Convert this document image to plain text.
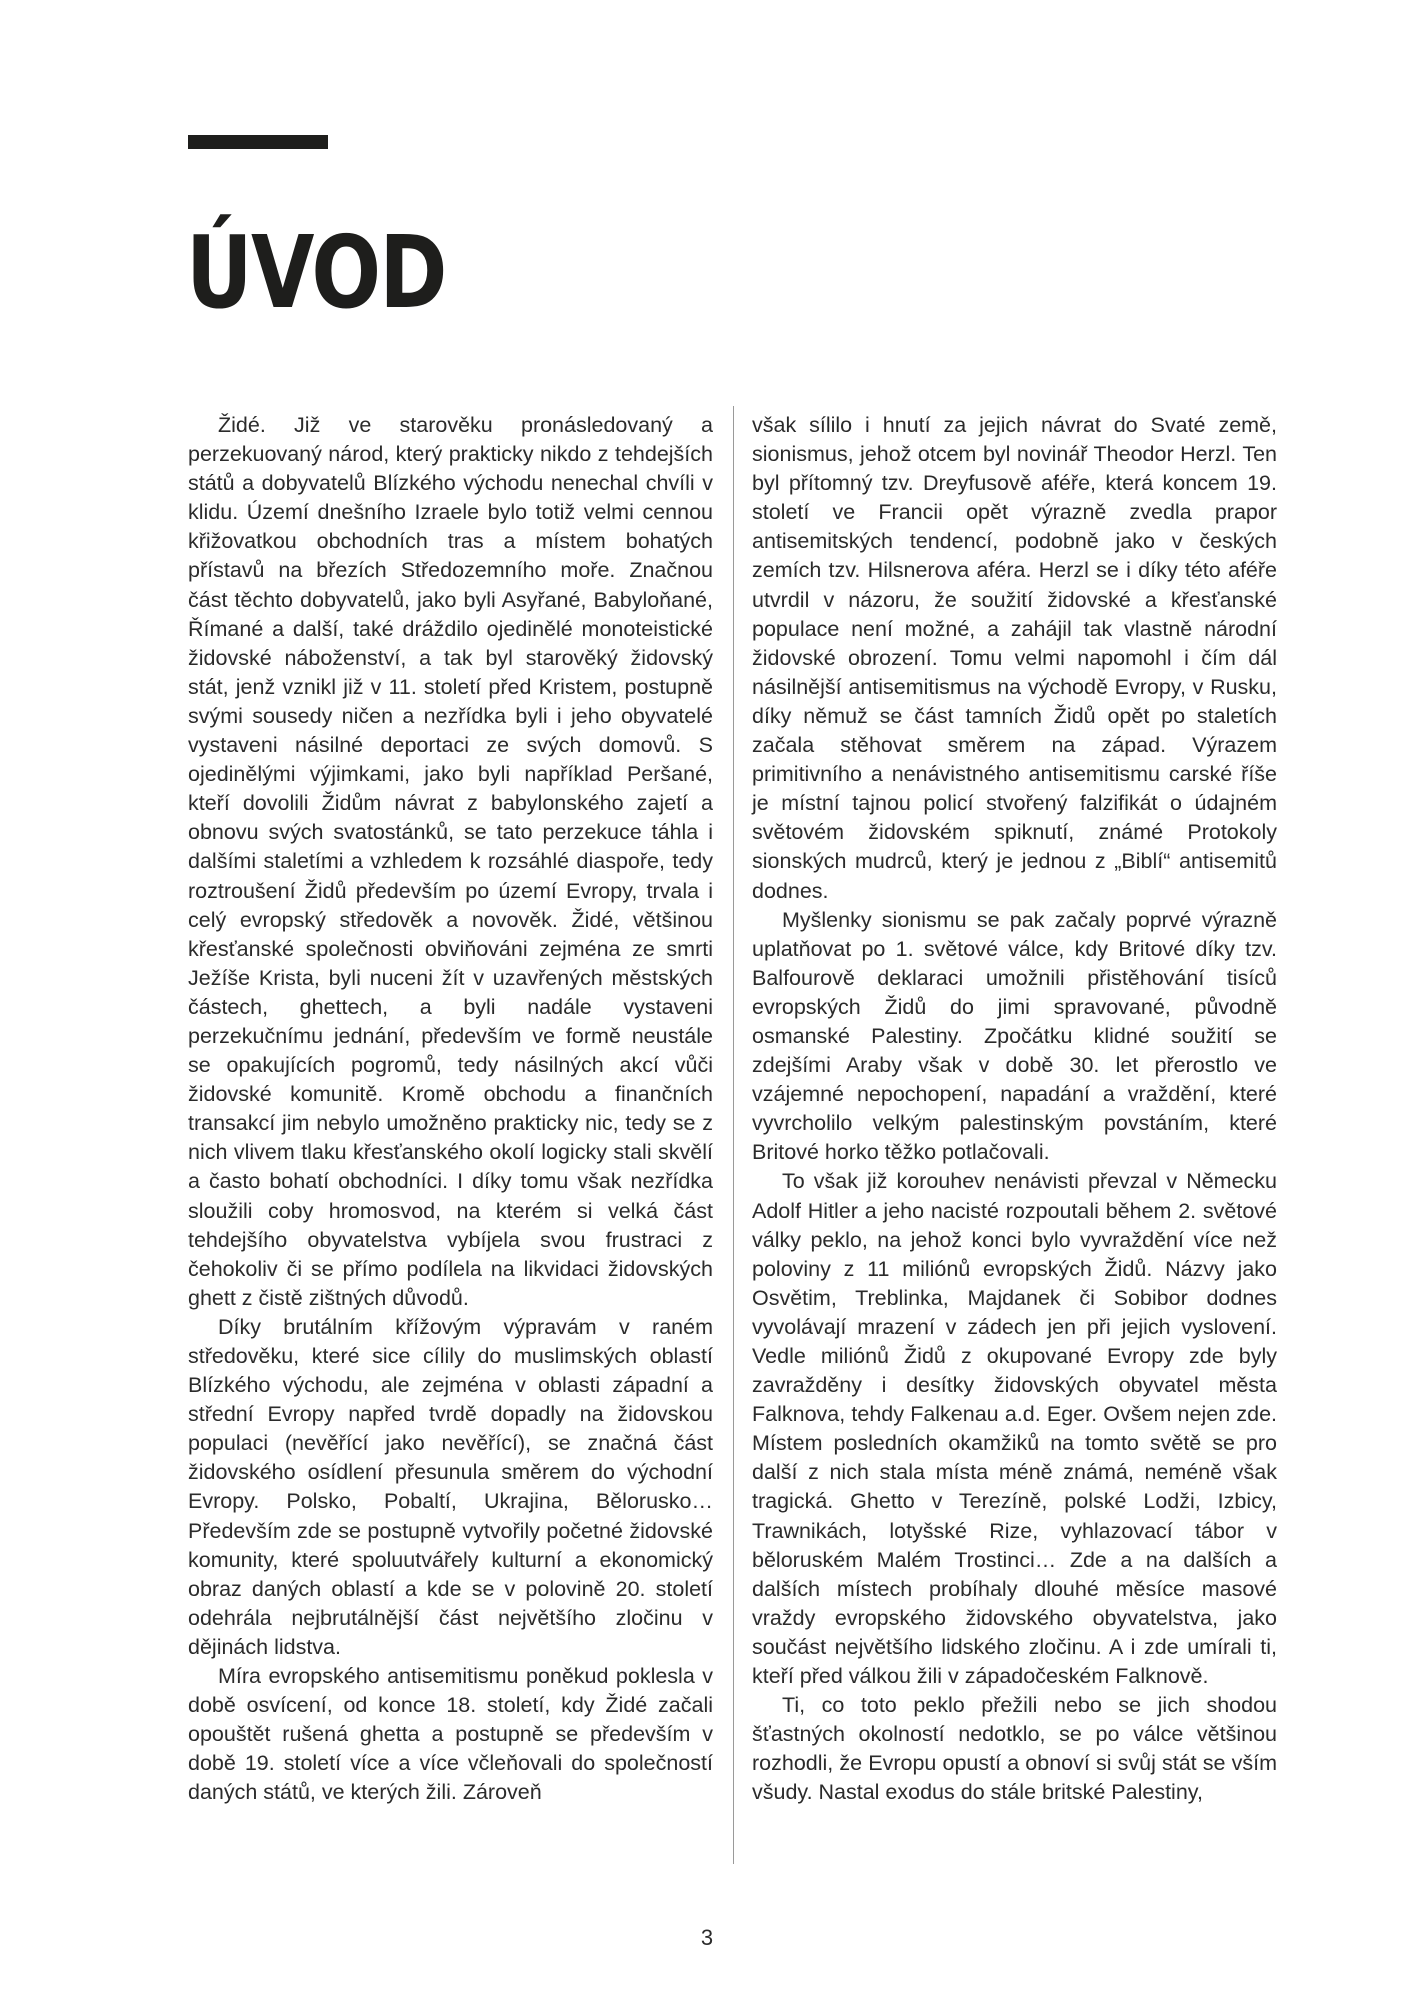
ÚVOD

Židé. Již ve starověku pronásledovaný a perzekuovaný národ, který prakticky nikdo z tehdejších států a dobyvatelů Blízkého východu nenechal chvíli v klidu. Území dnešního Izraele bylo totiž velmi cennou křižovatkou obchodních tras a místem bohatých přístavů na březích Středozemního moře. Značnou část těchto dobyvatelů, jako byli Asyřané, Babyloňané, Římané a další, také dráždilo ojedinělé monoteistické židovské náboženství, a tak byl starověký židovský stát, jenž vznikl již v 11. století před Kristem, postupně svými sousedy ničen a nezřídka byli i jeho obyvatelé vystaveni násilné deportaci ze svých domovů. S ojedinělými výjimkami, jako byli například Peršané, kteří dovolili Židům návrat z babylonského zajetí a obnovu svých svatostánků, se tato perzekuce táhla i dalšími staletími a vzhledem k rozsáhlé diaspoře, tedy roztroušení Židů především po území Evropy, trvala i celý evropský středověk a novověk. Židé, většinou křesťanské společnosti obviňováni zejména ze smrti Ježíše Krista, byli nuceni žít v uzavřených městských částech, ghettech, a byli nadále vystaveni perzekučnímu jednání, především ve formě neustále se opakujících pogromů, tedy násilných akcí vůči židovské komunitě. Kromě obchodu a finančních transakcí jim nebylo umožněno prakticky nic, tedy se z nich vlivem tlaku křesťanského okolí logicky stali skvělí a často bohatí obchodníci. I díky tomu však nezřídka sloužili coby hromosvod, na kterém si velká část tehdejšího obyvatelstva vybíjela svou frustraci z čehokoliv či se přímo podílela na likvidaci židovských ghett z čistě zištných důvodů.

Díky brutálním křížovým výpravám v raném středověku, které sice cílily do muslimských oblastí Blízkého východu, ale zejména v oblasti západní a střední Evropy napřed tvrdě dopadly na židovskou populaci (nevěřící jako nevěřící), se značná část židovského osídlení přesunula směrem do východní Evropy. Polsko, Pobaltí, Ukrajina, Bělorusko… Především zde se postupně vytvořily početné židovské komunity, které spoluutvářely kulturní a ekonomický obraz daných oblastí a kde se v polovině 20. století odehrála nejbrutálnější část největšího zločinu v dějinách lidstva.

Míra evropského antisemitismu poněkud poklesla v době osvícení, od konce 18. století, kdy Židé začali opouštět rušená ghetta a postupně se především v době 19. století více a více včleňovali do společností daných států, ve kterých žili. Zároveň

však sílilo i hnutí za jejich návrat do Svaté země, sionismus, jehož otcem byl novinář Theodor Herzl. Ten byl přítomný tzv. Dreyfusově aféře, která koncem 19. století ve Francii opět výrazně zvedla prapor antisemitských tendencí, podobně jako v českých zemích tzv. Hilsnerova aféra. Herzl se i díky této aféře utvrdil v názoru, že soužití židovské a křesťanské populace není možné, a zahájil tak vlastně národní židovské obrození. Tomu velmi napomohl i čím dál násilnější antisemitismus na východě Evropy, v Rusku, díky němuž se část tamních Židů opět po staletích začala stěhovat směrem na západ. Výrazem primitivního a nenávistného antisemitismu carské říše je místní tajnou policí stvořený falzifikát o údajném světovém židovském spiknutí, známé Protokoly sionských mudrců, který je jednou z „Biblí“ antisemitů dodnes.

Myšlenky sionismu se pak začaly poprvé výrazně uplatňovat po 1. světové válce, kdy Britové díky tzv. Balfourově deklaraci umožnili přistěhování tisíců evropských Židů do jimi spravované, původně osmanské Palestiny. Zpočátku klidné soužití se zdejšími Araby však v době 30. let přerostlo ve vzájemné nepochopení, napadání a vraždění, které vyvrcholilo velkým palestinským povstáním, které Britové horko těžko potlačovali.

To však již korouhev nenávisti převzal v Německu Adolf Hitler a jeho nacisté rozpoutali během 2. světové války peklo, na jehož konci bylo vyvraždění více než poloviny z 11 miliónů evropských Židů. Názvy jako Osvětim, Treblinka, Majdanek či Sobibor dodnes vyvolávají mrazení v zádech jen při jejich vyslovení. Vedle miliónů Židů z okupované Evropy zde byly zavražděny i desítky židovských obyvatel města Falknova, tehdy Falkenau a.d. Eger. Ovšem nejen zde. Místem posledních okamžiků na tomto světě se pro další z nich stala místa méně známá, neméně však tragická. Ghetto v Terezíně, polské Lodži, Izbicy, Trawnikách, lotyšské Rize, vyhlazovací tábor v běloruském Malém Trostinci… Zde a na dalších a dalších místech probíhaly dlouhé měsíce masové vraždy evropského židovského obyvatelstva, jako součást největšího lidského zločinu. A i zde umírali ti, kteří před válkou žili v západočeském Falknově.

Ti, co toto peklo přežili nebo se jich shodou šťastných okolností nedotklo, se po válce většinou rozhodli, že Evropu opustí a obnoví si svůj stát se vším všudy. Nastal exodus do stále britské Palestiny,

3
